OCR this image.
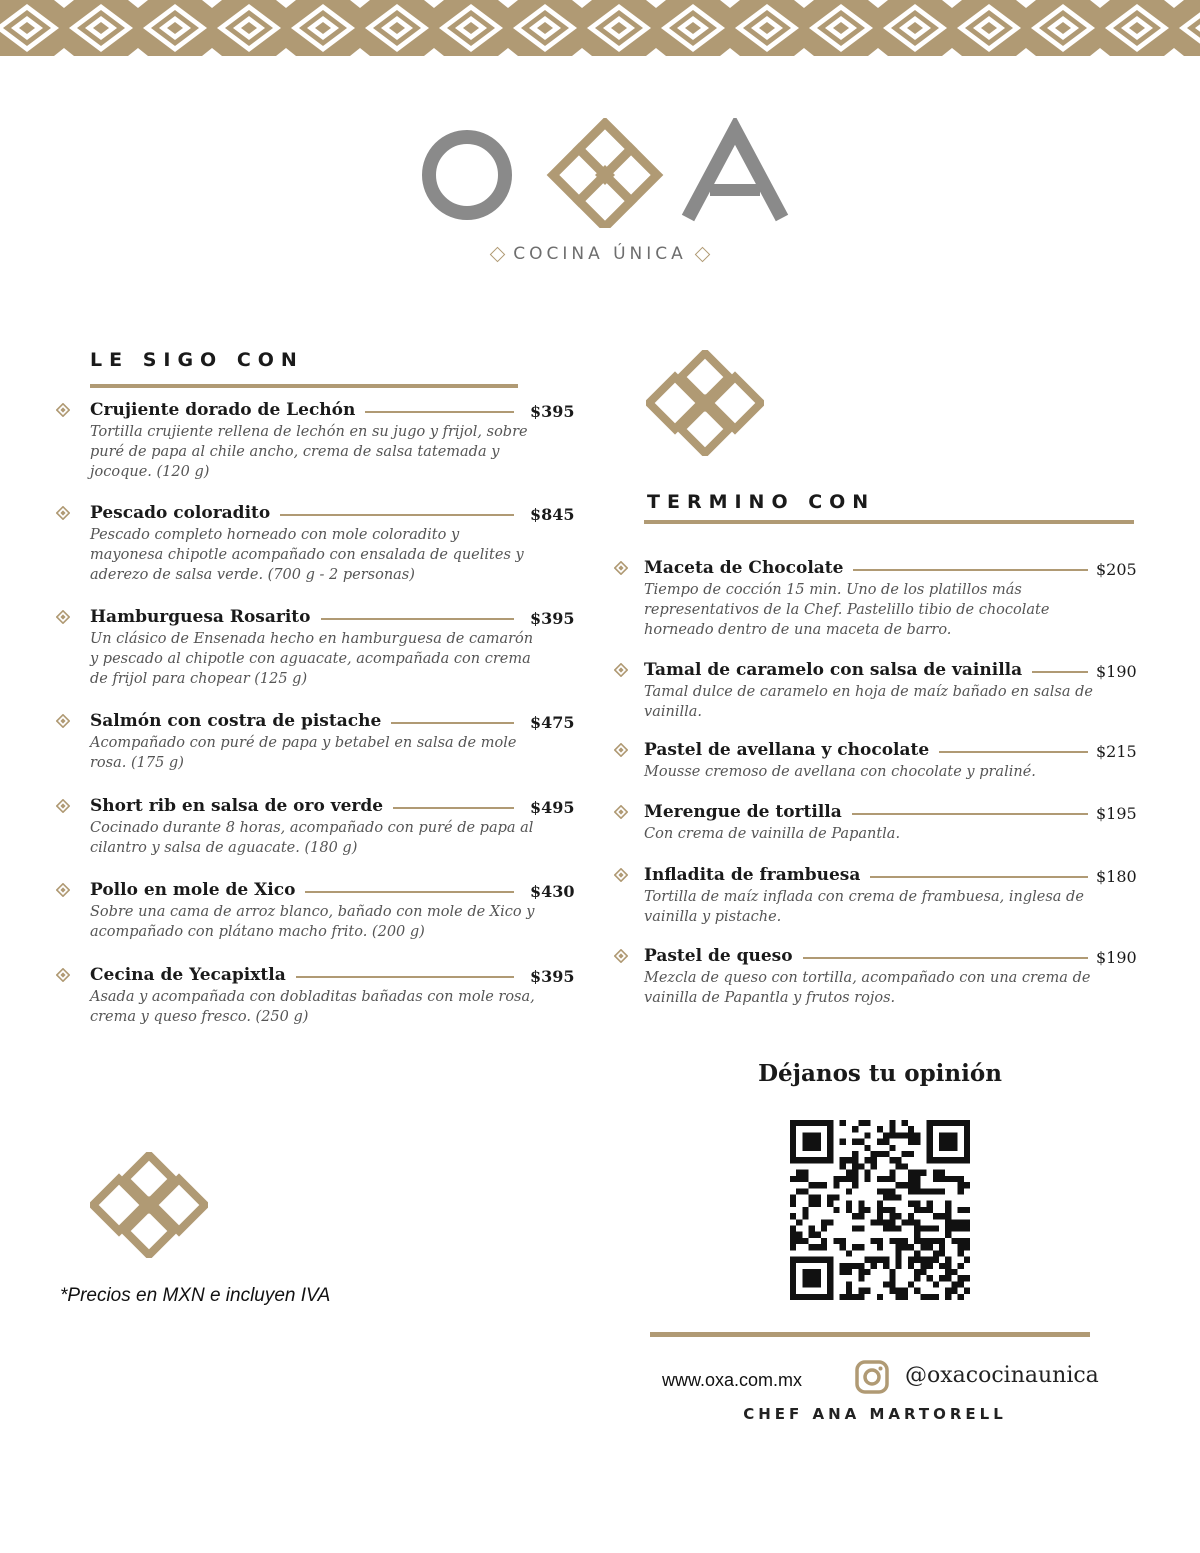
COCINA ÚNICA
LE SIGO CON
Crujiente dorado de Lechón	$395
Tortilla crujiente rellena de lechón en su jugo y frijol, sobre puré de papa al chile ancho, crema de salsa tatemada y jocoque. (120 g)
Pescado coloradito	$845
Pescado completo horneado con mole coloradito y mayonesa chipotle acompañado con ensalada de quelites y aderezo de salsa verde. (700 g - 2 personas)
Hamburguesa Rosarito	$395
Un clásico de Ensenada hecho en hamburguesa de camarón y pescado al chipotle con aguacate, acompañada con crema de frijol para chopear (125 g)
Salmón con costra de pistache	$475
Acompañado con puré de papa y betabel en salsa de mole rosa. (175 g)
Short rib en salsa de oro verde	$495
Cocinado durante 8 horas, acompañado con puré de papa al cilantro y salsa de aguacate. (180 g)
Pollo en mole de Xico	$430
Sobre una cama de arroz blanco, bañado con mole de Xico y acompañado con plátano macho frito. (200 g)
Cecina de Yecapixtla	$395
Asada y acompañada con dobladitas bañadas con mole rosa, crema y queso fresco. (250 g)
TERMINO CON
Maceta de Chocolate	$205
Tiempo de cocción 15 min. Uno de los platillos más representativos de la Chef. Pastelillo tibio de chocolate horneado dentro de una maceta de barro.
Tamal de caramelo con salsa de vainilla	$190
Tamal dulce de caramelo en hoja de maíz bañado en salsa de vainilla.
Pastel de avellana y chocolate	$215
Mousse cremoso de avellana con chocolate y praliné.
Merengue de tortilla	$195
Con crema de vainilla de Papantla.
Infladita de frambuesa	$180
Tortilla de maíz inflada con crema de frambuesa, inglesa de vainilla y pistache.
Pastel de queso	$190
Mezcla de queso con tortilla, acompañado con una crema de vainilla de Papantla y frutos rojos.
*Precios en MXN e incluyen IVA
Déjanos tu opinión
www.oxa.com.mx	@oxacocinaunica
CHEF ANA MARTORELL
